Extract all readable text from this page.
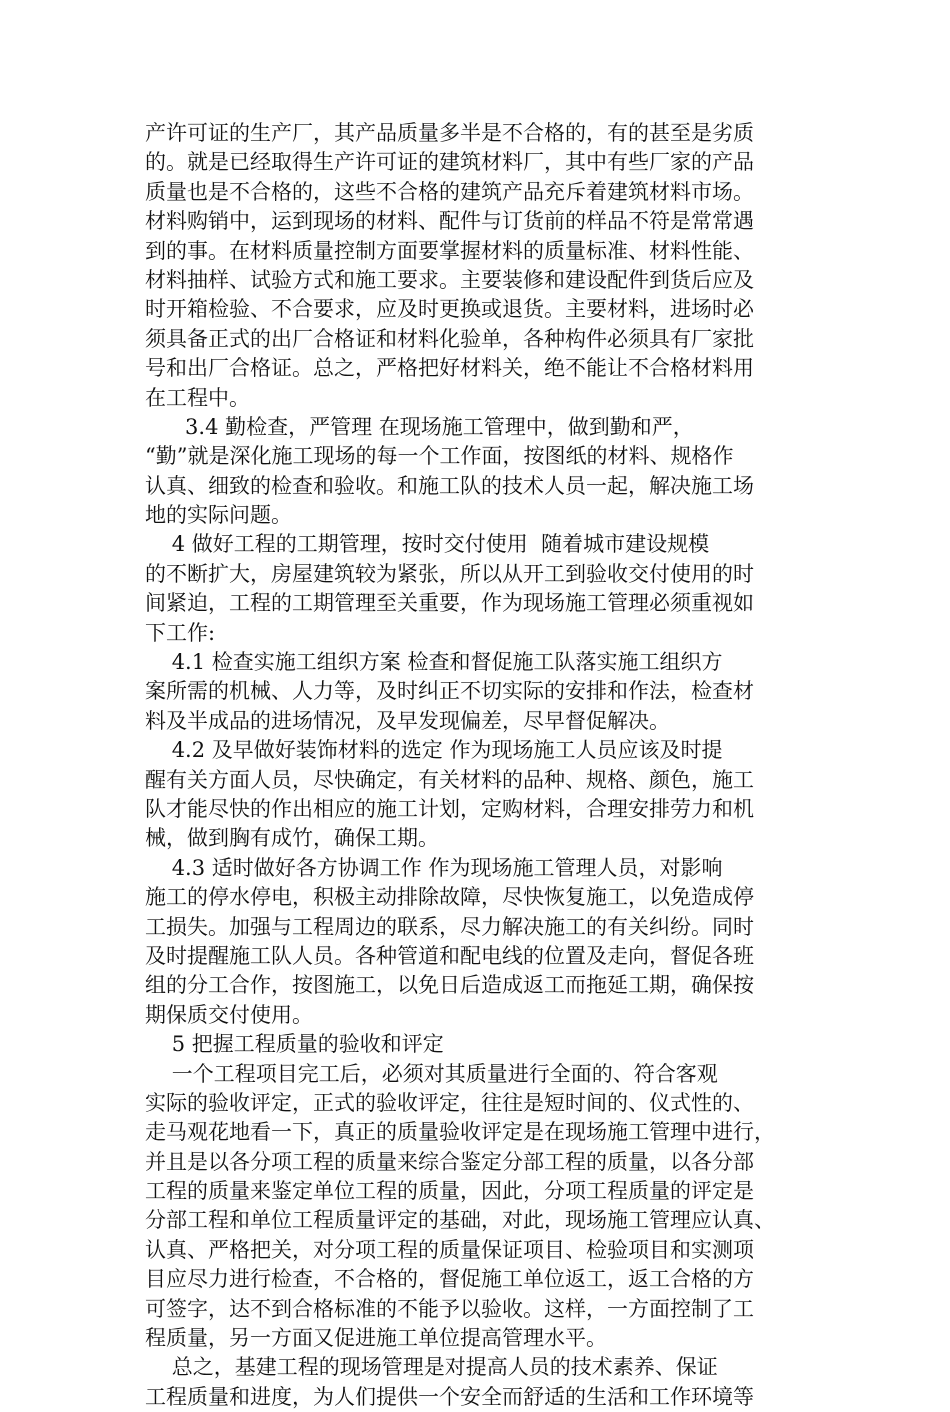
产许可证的生产厂，其产品质量多半是不合格的，有的甚至是劣质
的。就是已经取得生产许可证的建筑材料厂，其中有些厂家的产品
质量也是不合格的，这些不合格的建筑产品充斥着建筑材料市场。
材料购销中，运到现场的材料、配件与订货前的样品不符是常常遇
到的事。在材料质量控制方面要掌握材料的质量标准、材料性能、
材料抽样、试验方式和施工要求。主要装修和建设配件到货后应及
时开箱检验、不合要求，应及时更换或退货。主要材料，进场时必
须具备正式的出厂合格证和材料化验单，各种构件必须具有厂家批
号和出厂合格证。总之，严格把好材料关，绝不能让不合格材料用
在工程中。
3.4 勤检查，严管理 在现场施工管理中，做到勤和严，
“勤”就是深化施工现场的每一个工作面，按图纸的材料、规格作
认真、细致的检查和验收。和施工队的技术人员一起，解决施工场
地的实际问题。
4 做好工程的工期管理，按时交付使用  随着城市建设规模
的不断扩大，房屋建筑较为紧张，所以从开工到验收交付使用的时
间紧迫，工程的工期管理至关重要，作为现场施工管理必须重视如
下工作:
4.1 检查实施工组织方案 检查和督促施工队落实施工组织方
案所需的机械、人力等，及时纠正不切实际的安排和作法，检查材
料及半成品的进场情况，及早发现偏差，尽早督促解决。
4.2 及早做好装饰材料的选定 作为现场施工人员应该及时提
醒有关方面人员，尽快确定，有关材料的品种、规格、颜色，施工
队才能尽快的作出相应的施工计划，定购材料，合理安排劳力和机
械，做到胸有成竹，确保工期。
4.3 适时做好各方协调工作 作为现场施工管理人员，对影响
施工的停水停电，积极主动排除故障，尽快恢复施工，以免造成停
工损失。加强与工程周边的联系，尽力解决施工的有关纠纷。同时
及时提醒施工队人员。各种管道和配电线的位置及走向，督促各班
组的分工合作，按图施工，以免日后造成返工而拖延工期，确保按
期保质交付使用。
5 把握工程质量的验收和评定
一个工程项目完工后，必须对其质量进行全面的、符合客观
实际的验收评定，正式的验收评定，往往是短时间的、仪式性的、
走马观花地看一下，真正的质量验收评定是在现场施工管理中进行，
并且是以各分项工程的质量来综合鉴定分部工程的质量，以各分部
工程的质量来鉴定单位工程的质量，因此，分项工程质量的评定是
分部工程和单位工程质量评定的基础，对此，现场施工管理应认真、
认真、严格把关，对分项工程的质量保证项目、检验项目和实测项
目应尽力进行检查，不合格的，督促施工单位返工，返工合格的方
可签字，达不到合格标准的不能予以验收。这样，一方面控制了工
程质量，另一方面又促进施工单位提高管理水平。
总之，基建工程的现场管理是对提高人员的技术素养、保证
工程质量和进度，为人们提供一个安全而舒适的生活和工作环境等
